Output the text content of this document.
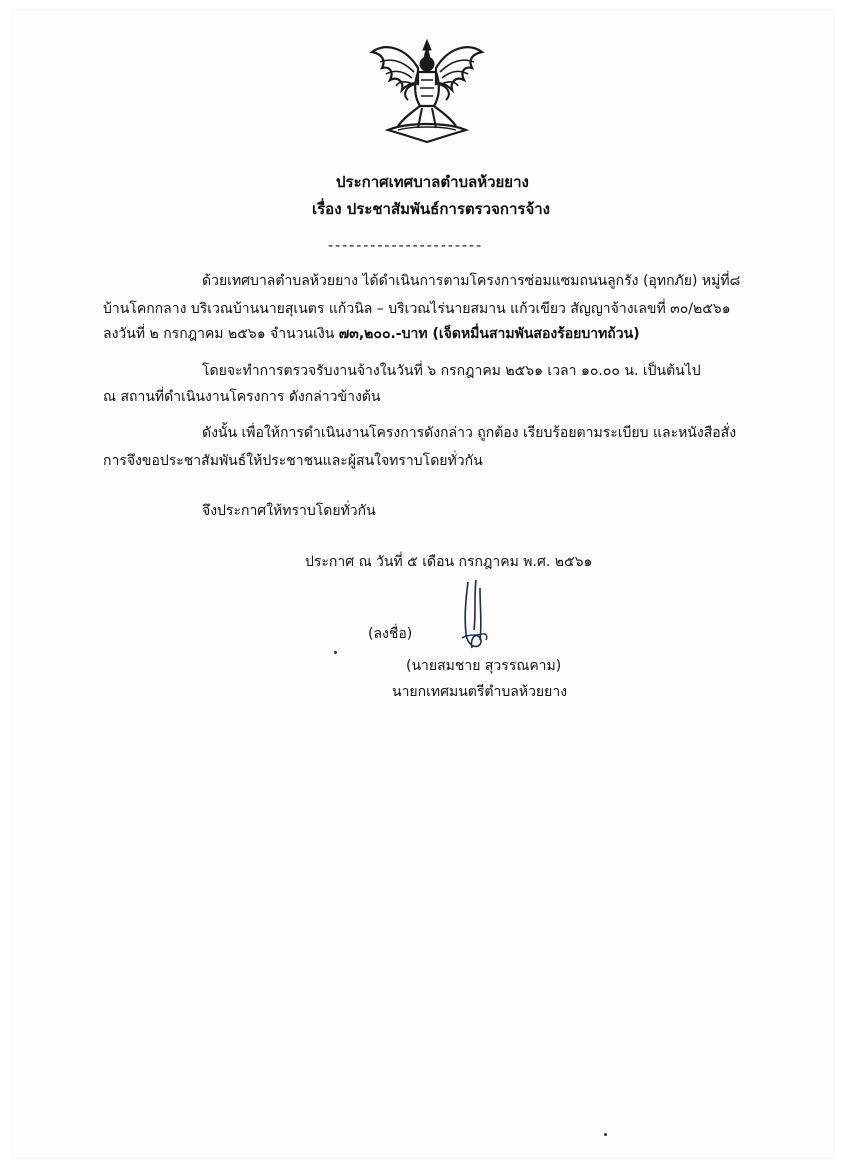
ประกาศเทศบาลตำบลห้วยยาง
เรื่อง ประชาสัมพันธ์การตรวจการจ้าง
----------------------
ด้วยเทศบาลตำบลห้วยยาง ได้ดำเนินการตามโครงการซ่อมแซมถนนลูกรัง (อุทกภัย) หมู่ที่๘
บ้านโคกกลาง บริเวณบ้านนายสุเนตร แก้วนิล – บริเวณไร่นายสมาน แก้วเขียว สัญญาจ้างเลขที่ ๓๐/๒๕๖๑
ลงวันที่ ๒ กรกฎาคม ๒๕๖๑ จำนวนเงิน ๗๓,๒๐๐.-บาท (เจ็ดหมื่นสามพันสองร้อยบาทถ้วน)
โดยจะทำการตรวจรับงานจ้างในวันที่ ๖ กรกฎาคม ๒๕๖๑ เวลา ๑๐.๐๐ น. เป็นต้นไป
ณ สถานที่ดำเนินงานโครงการ ดังกล่าวข้างต้น
ดังนั้น เพื่อให้การดำเนินงานโครงการดังกล่าว ถูกต้อง เรียบร้อยตามระเบียบ และหนังสือสั่ง
การจึงขอประชาสัมพันธ์ให้ประชาชนและผู้สนใจทราบโดยทั่วกัน
จึงประกาศให้ทราบโดยทั่วกัน
ประกาศ ณ วันที่ ๕ เดือน กรกฎาคม พ.ศ. ๒๕๖๑
(ลงชื่อ)
(นายสมชาย สุวรรณคาม)
นายกเทศมนตรีตำบลห้วยยาง
